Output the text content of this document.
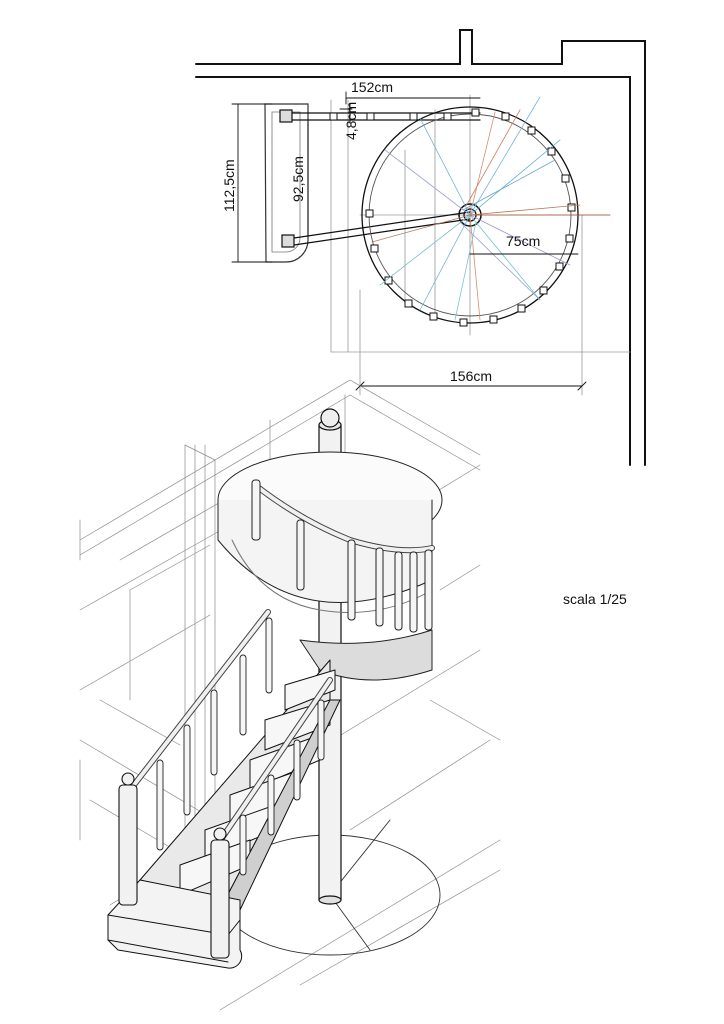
152cm
4,8cm
112,5cm	92,5cm
75cm
156cm
scala 1/25
